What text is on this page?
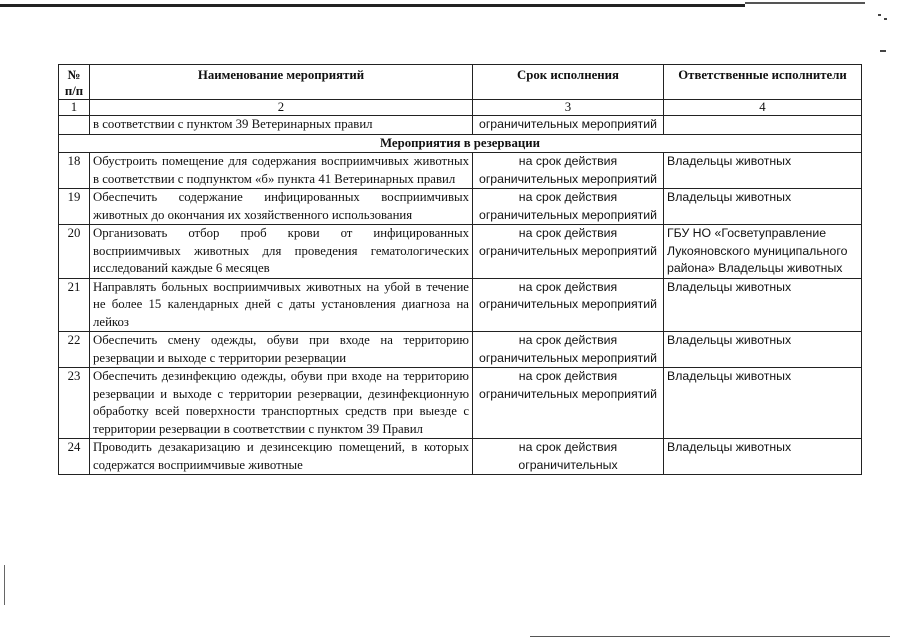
№ п/п	Наименование мероприятий	Срок исполнения	Ответственные исполнители
1	2	3	4
	в соответствии с пунктом 39 Ветеринарных правил	ограничительных мероприятий	
Мероприятия в резервации			
18	Обустроить помещение для содержания восприимчивых животных в соответствии с подпунктом «б» пункта 41 Ветеринарных правил	на срок действия ограничительных мероприятий	Владельцы животных
19	Обеспечить содержание инфицированных восприимчивых животных до окончания их хозяйственного использования	на срок действия ограничительных мероприятий	Владельцы животных
20	Организовать отбор проб крови от инфицированных восприимчивых животных для проведения гематологических исследований каждые 6 месяцев	на срок действия ограничительных мероприятий	ГБУ НО «Госветуправление Лукояновского муниципального района» Владельцы животных
21	Направлять больных восприимчивых животных на убой в течение не более 15 календарных дней с даты установления диагноза на лейкоз	на срок действия ограничительных мероприятий	Владельцы животных
22	Обеспечить смену одежды, обуви при входе на территорию резервации и выходе с территории резервации	на срок действия ограничительных мероприятий	Владельцы животных
23	Обеспечить дезинфекцию одежды, обуви при входе на территорию резервации и выходе с территории резервации, дезинфекционную обработку всей поверхности транспортных средств при выезде с территории резервации в соответствии с пунктом 39 Правил	на срок действия ограничительных мероприятий	Владельцы животных
24	Проводить дезакаризацию и дезинсекцию помещений, в которых содержатся восприимчивые животные	на срок действия ограничительных	Владельцы животных
